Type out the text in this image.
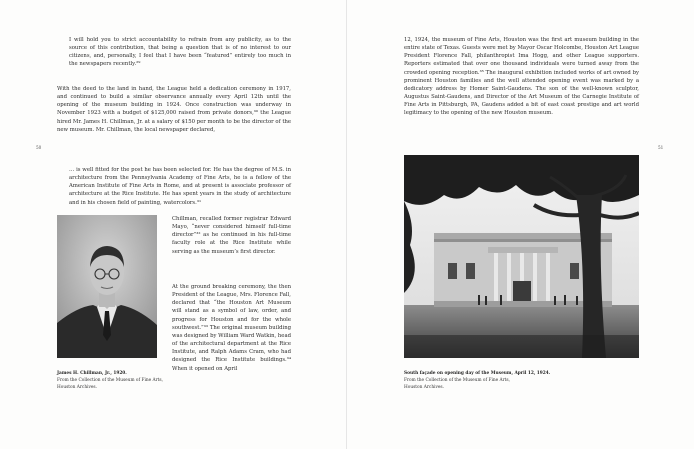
I will hold you to strict accountability to refrain from any publicity, as to the source of this contribution, that being a question that is of no interest to our citizens, and, personally, I feel that I have been “featured” entirely too much in the newspapers recently.²⁹

With the deed to the land in hand, the League held a dedication ceremony in 1917, and continued to build a similar observance annually every April 12th until the opening of the museum building in 1924. Once construction was underway in November 1923 with a budget of $125,000 raised from private donors,³⁰ the League hired Mr. James H. Chillman, Jr. at a salary of $150 per month to be the director of the new museum. Mr. Chillman, the local newspaper declared,

… is well fitted for the post he has been selected for. He has the degree of M.S. in architecture from the Pennsylvania Academy of Fine Arts, he is a fellow of the American Institute of Fine Arts in Rome, and at present is associate professor of architecture at the Rice Institute. He has spent years in the study of architecture and in his chosen field of painting, watercolors.³¹

James H. Chillman, Jr., 1920.
From the Collection of the Museum of Fine Arts, Houston Archives.

Chillman, recalled former registrar Edward Mayo, “never considered himself full-time director”³² as he continued in his full-time faculty role at the Rice Institute while serving as the museum’s first director.

At the ground breaking ceremony, the then President of the League, Mrs. Florence Fall, declared that “the Houston Art Museum will stand as a symbol of law, order, and progress for Houston and for the whole southwest.”³³ The original museum building was designed by William Ward Watkin, head of the architectural department at the Rice Institute, and Ralph Adams Cram, who had designed the Rice Institute buildings.³⁴ When it opened on April

50

12, 1924, the museum of Fine Arts, Houston was the first art museum building in the entire state of Texas. Guests were met by Mayor Oscar Holcombe, Houston Art League President Florence Fall, philanthropist Ima Hogg, and other League supporters. Reporters estimated that over one thousand individuals were turned away from the crowded opening reception.³⁵ The inaugural exhibition included works of art owned by prominent Houston families and the well attended opening event was marked by a dedicatory address by Homer Saint-Gaudens. The son of the well-known sculptor, Augustus Saint-Gaudens, and Director of the Art Museum of the Carnegie Institute of Fine Arts in Pittsburgh, PA, Gaudens added a bit of east coast prestige and art world legitimacy to the opening of the new Houston museum.

South façade on opening day of the Museum, April 12, 1924.
From the Collection of the Museum of Fine Arts, Houston Archives.
51
